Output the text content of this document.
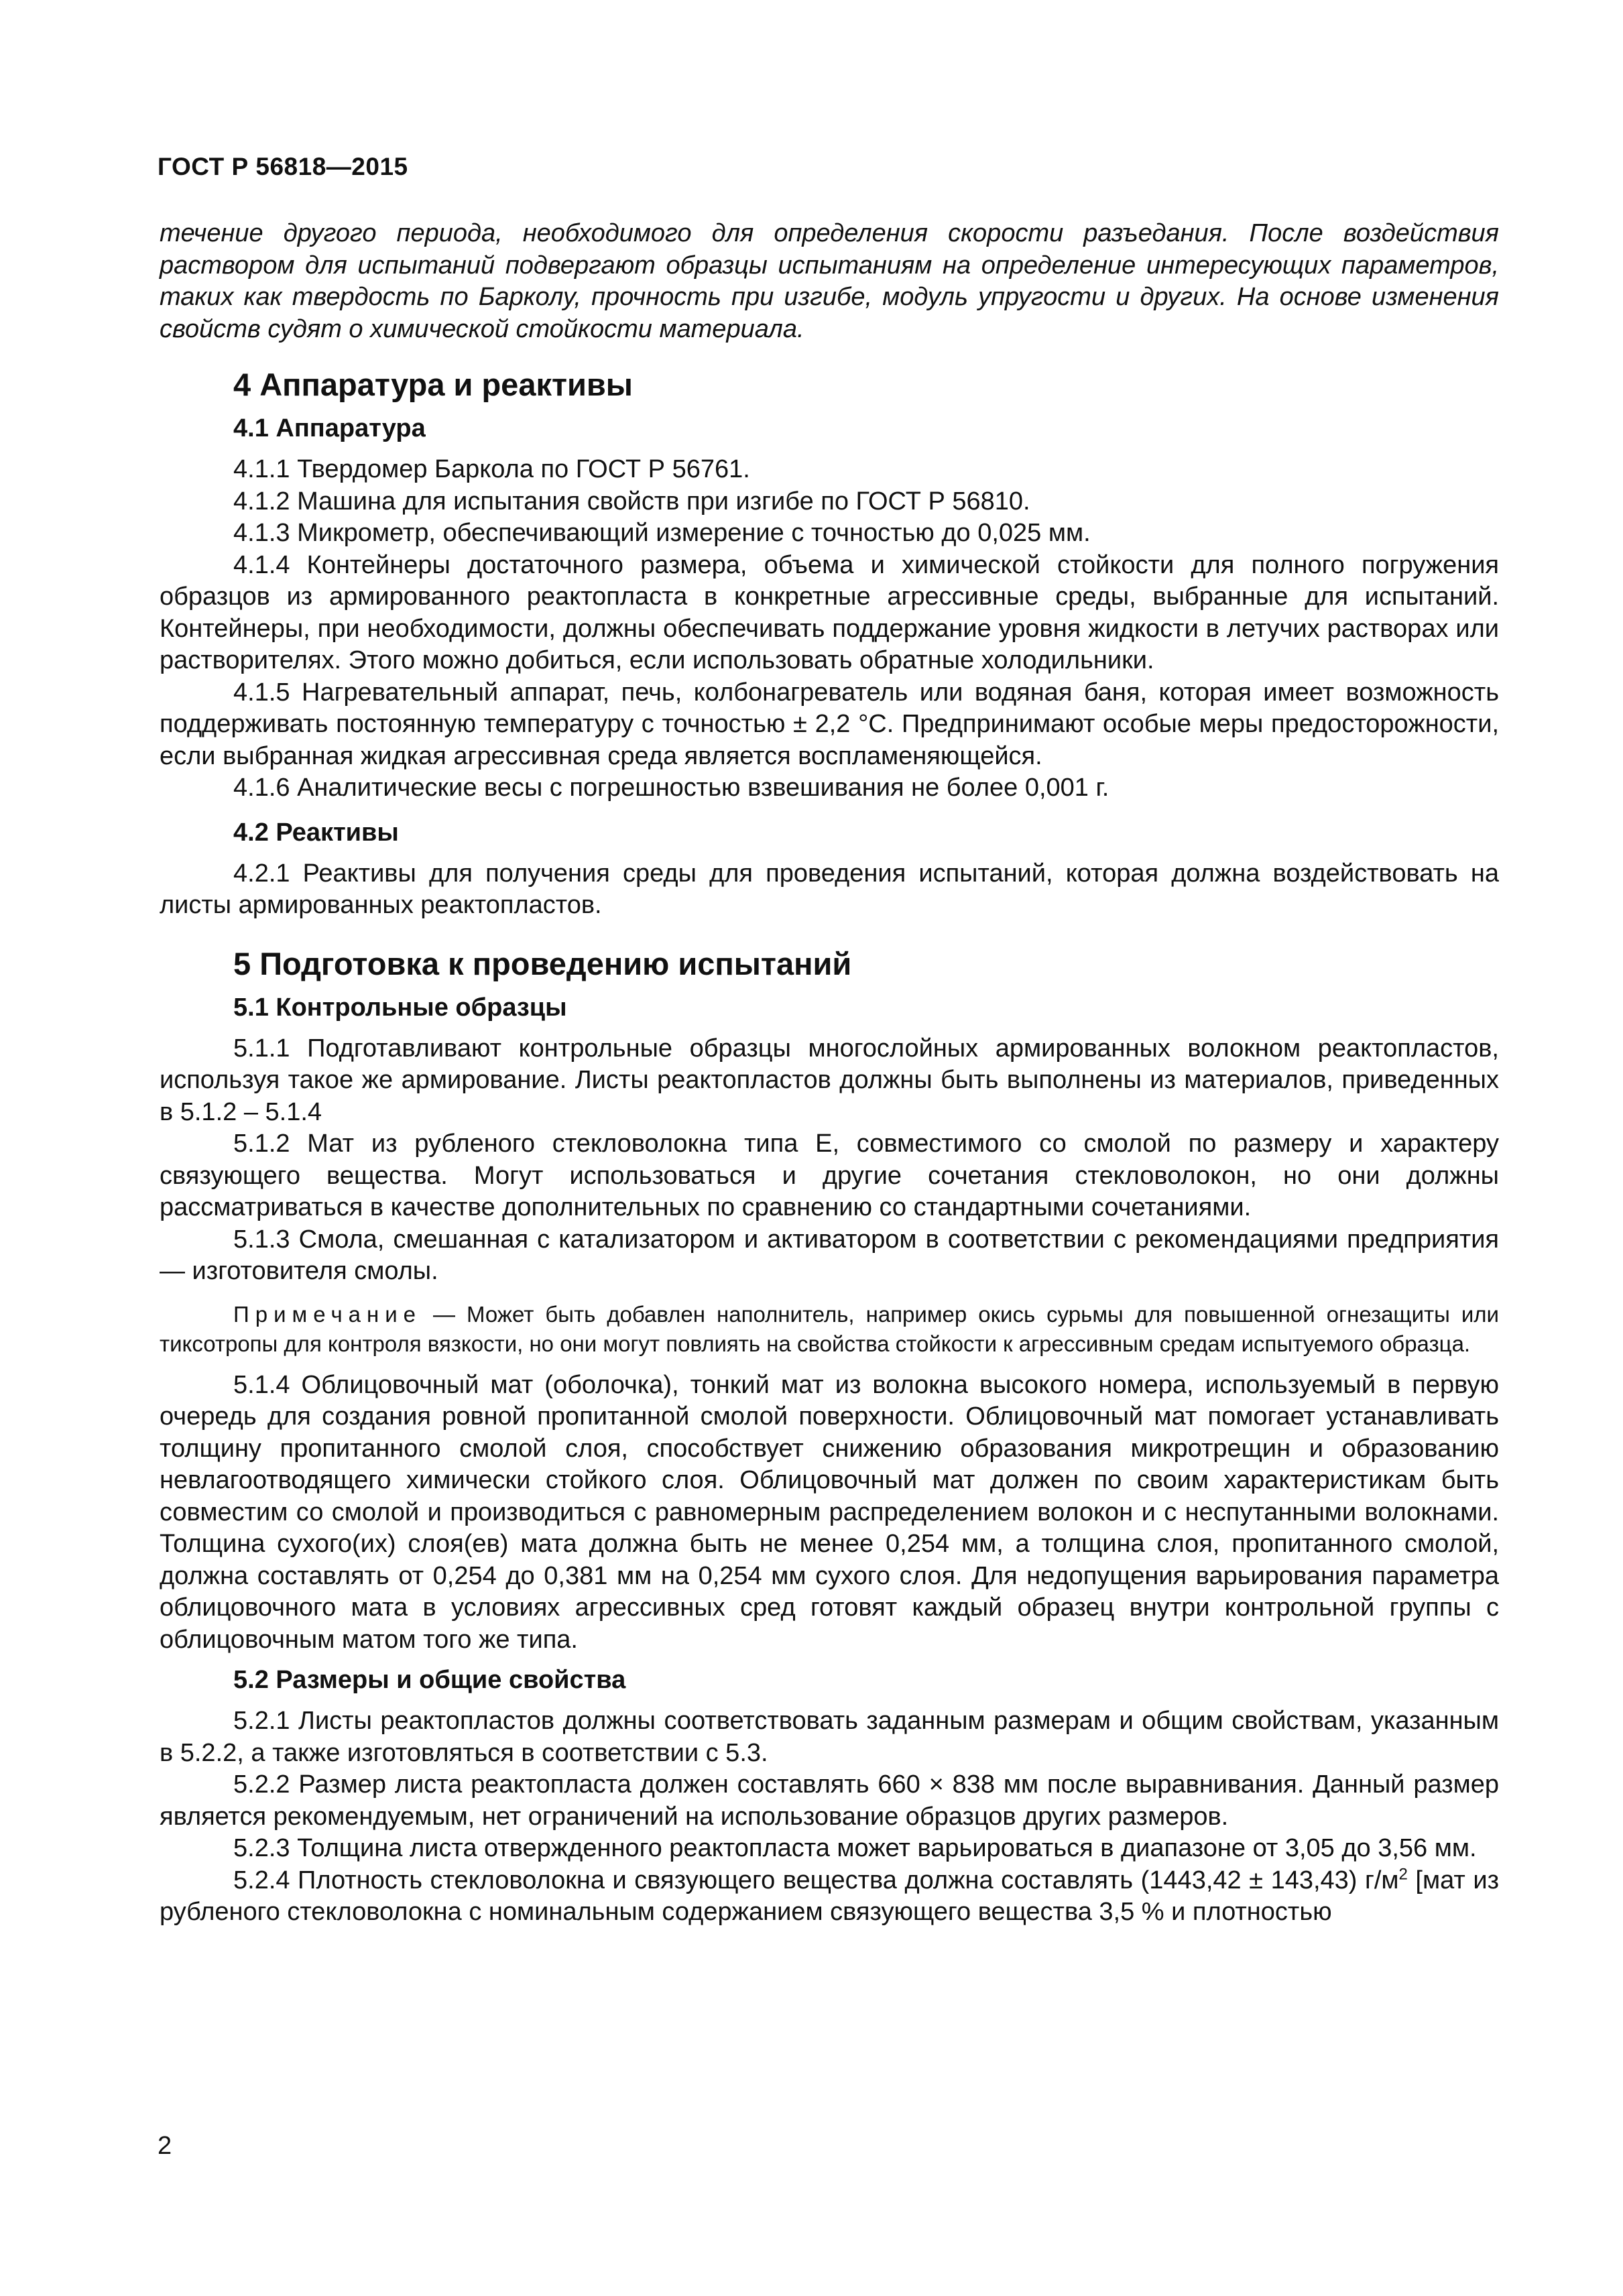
ГОСТ Р 56818—2015

течение другого периода, необходимого для определения скорости разъедания. После воздействия раствором для испытаний подвергают образцы испытаниям на определение интересующих параметров, таких как твердость по Барколу, прочность при изгибе, модуль упругости и других. На основе изменения свойств судят о химической стойкости материала.

4 Аппаратура и реактивы
4.1 Аппаратура

4.1.1 Твердомер Баркола по ГОСТ Р 56761.

4.1.2 Машина для испытания свойств при изгибе по ГОСТ Р 56810.

4.1.3 Микрометр, обеспечивающий измерение с точностью до 0,025 мм.

4.1.4 Контейнеры достаточного размера, объема и химической стойкости для полного погружения образцов из армированного реактопласта в конкретные агрессивные среды, выбранные для испытаний. Контейнеры, при необходимости, должны обеспечивать поддержание уровня жидкости в летучих растворах или растворителях. Этого можно добиться, если использовать обратные холодильники.

4.1.5 Нагревательный аппарат, печь, колбонагреватель или водяная баня, которая имеет возможность поддерживать постоянную температуру с точностью ± 2,2 °С. Предпринимают особые меры предосторожности, если выбранная жидкая агрессивная среда является воспламеняющейся.

4.1.6 Аналитические весы с погрешностью взвешивания не более 0,001 г.

4.2 Реактивы

4.2.1 Реактивы для получения среды для проведения испытаний, которая должна воздействовать на листы армированных реактопластов.

5 Подготовка к проведению испытаний
5.1 Контрольные образцы

5.1.1 Подготавливают контрольные образцы многослойных армированных волокном реактопластов, используя такое же армирование. Листы реактопластов должны быть выполнены из материалов, приведенных в 5.1.2 – 5.1.4

5.1.2 Мат из рубленого стекловолокна типа Е, совместимого со смолой по размеру и характеру связующего вещества. Могут использоваться и другие сочетания стекловолокон, но они должны рассматриваться в качестве дополнительных по сравнению со стандартными сочетаниями.

5.1.3 Смола, смешанная с катализатором и активатором в соответствии с рекомендациями предприятия — изготовителя смолы.

Примечание — Может быть добавлен наполнитель, например окись сурьмы для повышенной огнезащиты или тиксотропы для контроля вязкости, но они могут повлиять на свойства стойкости к агрессивным средам испытуемого образца.

5.1.4 Облицовочный мат (оболочка), тонкий мат из волокна высокого номера, используемый в первую очередь для создания ровной пропитанной смолой поверхности. Облицовочный мат помогает устанавливать толщину пропитанного смолой слоя, способствует снижению образования микротрещин и образованию невлагоотводящего химически стойкого слоя. Облицовочный мат должен по своим характеристикам быть совместим со смолой и производиться с равномерным распределением волокон и с неспутанными волокнами. Толщина сухого(их) слоя(ев) мата должна быть не менее 0,254 мм, а толщина слоя, пропитанного смолой, должна составлять от 0,254 до 0,381 мм на 0,254 мм сухого слоя. Для недопущения варьирования параметра облицовочного мата в условиях агрессивных сред готовят каждый образец внутри контрольной группы с облицовочным матом того же типа.

5.2 Размеры и общие свойства

5.2.1 Листы реактопластов должны соответствовать заданным размерам и общим свойствам, указанным в 5.2.2, а также изготовляться в соответствии с 5.3.

5.2.2 Размер листа реактопласта должен составлять 660 × 838 мм после выравнивания. Данный размер является рекомендуемым, нет ограничений на использование образцов других размеров.

5.2.3 Толщина листа отвержденного реактопласта может варьироваться в диапазоне от 3,05 до 3,56 мм.

5.2.4 Плотность стекловолокна и связующего вещества должна составлять (1443,42 ± 143,43) $г/м^2$ [мат из рубленого стекловолокна с номинальным содержанием связующего вещества 3,5 % и плотностью

2
